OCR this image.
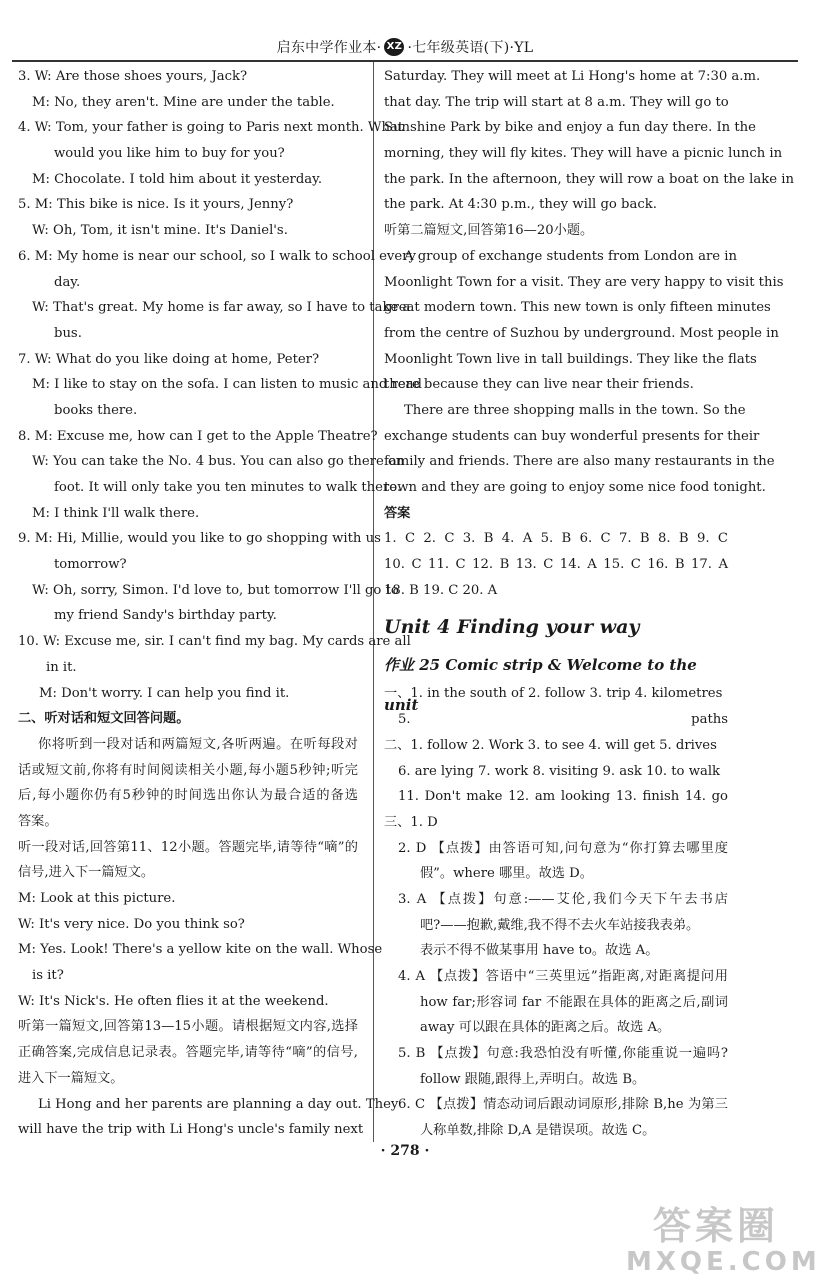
启东中学作业本· XZ ·七年级英语(下)·YL
3. W: Are those shoes yours, Jack?
M: No, they aren't. Mine are under the table.
4. W: Tom, your father is going to Paris next month. What
would you like him to buy for you?
M: Chocolate. I told him about it yesterday.
5. M: This bike is nice. Is it yours, Jenny?
W: Oh, Tom, it isn't mine. It's Daniel's.
6. M: My home is near our school, so I walk to school every
day.
W: That's great. My home is far away, so I have to take a
bus.
7. W: What do you like doing at home, Peter?
M: I like to stay on the sofa. I can listen to music and read
books there.
8. M: Excuse me, how can I get to the Apple Theatre?
W: You can take the No. 4 bus. You can also go there on
foot. It will only take you ten minutes to walk there.
M: I think I'll walk there.
9. M: Hi, Millie, would you like to go shopping with us
tomorrow?
W: Oh, sorry, Simon. I'd love to, but tomorrow I'll go to
my friend Sandy's birthday party.
10. W: Excuse me, sir. I can't find my bag. My cards are all
in it.
M: Don't worry. I can help you find it.
二、听对话和短文回答问题。
你将听到一段对话和两篇短文,各听两遍。在听每段对
话或短文前,你将有时间阅读相关小题,每小题5秒钟;听完
后,每小题你仍有5秒钟的时间选出你认为最合适的备选
答案。
听一段对话,回答第11、12小题。答题完毕,请等待“嘀”的
信号,进入下一篇短文。
M: Look at this picture.
W: It's very nice. Do you think so?
M: Yes. Look! There's a yellow kite on the wall. Whose
is it?
W: It's Nick's. He often flies it at the weekend.
听第一篇短文,回答第13—15小题。请根据短文内容,选择
正确答案,完成信息记录表。答题完毕,请等待“嘀”的信号,
进入下一篇短文。
Li Hong and her parents are planning a day out. They
will have the trip with Li Hong's uncle's family next
Saturday. They will meet at Li Hong's home at 7:30 a.m.
that day. The trip will start at 8 a.m. They will go to
Sunshine Park by bike and enjoy a fun day there. In the
morning, they will fly kites. They will have a picnic lunch in
the park. In the afternoon, they will row a boat on the lake in
the park. At 4:30 p.m., they will go back.
听第二篇短文,回答第16—20小题。
A group of exchange students from London are in
Moonlight Town for a visit. They are very happy to visit this
great modern town. This new town is only fifteen minutes
from the centre of Suzhou by underground. Most people in
Moonlight Town live in tall buildings. They like the flats
there because they can live near their friends.
There are three shopping malls in the town. So the
exchange students can buy wonderful presents for their
family and friends. There are also many restaurants in the
town and they are going to enjoy some nice food tonight.
答案
1. C 2. C 3. B 4. A 5. B 6. C 7. B 8. B 9. C
10. C 11. C 12. B 13. C 14. A 15. C 16. B 17. A
18. B 19. C 20. A
Unit 4 Finding your way
作业 25 Comic strip & Welcome to the unit
一、1. in the south of 2. follow 3. trip 4. kilometres
5. paths
二、1. follow 2. Work 3. to see 4. will get 5. drives
6. are lying 7. work 8. visiting 9. ask 10. to walk
11. Don't make 12. am looking 13. finish 14. go
三、1. D
2. D 【点拨】由答语可知,问句意为“你打算去哪里度
假”。where 哪里。故选 D。
3. A 【点拨】句意:——艾伦,我们今天下午去书店
吧?——抱歉,戴维,我不得不去火车站接我表弟。
表示不得不做某事用 have to。故选 A。
4. A 【点拨】答语中“三英里远”指距离,对距离提问用
how far;形容词 far 不能跟在具体的距离之后,副词
away 可以跟在具体的距离之后。故选 A。
5. B 【点拨】句意:我恐怕没有听懂,你能重说一遍吗?
follow 跟随,跟得上,弄明白。故选 B。
6. C 【点拨】情态动词后跟动词原形,排除 B,he 为第三
人称单数,排除 D,A 是错误项。故选 C。
· 278 ·
答案圈
MXQE.COM
